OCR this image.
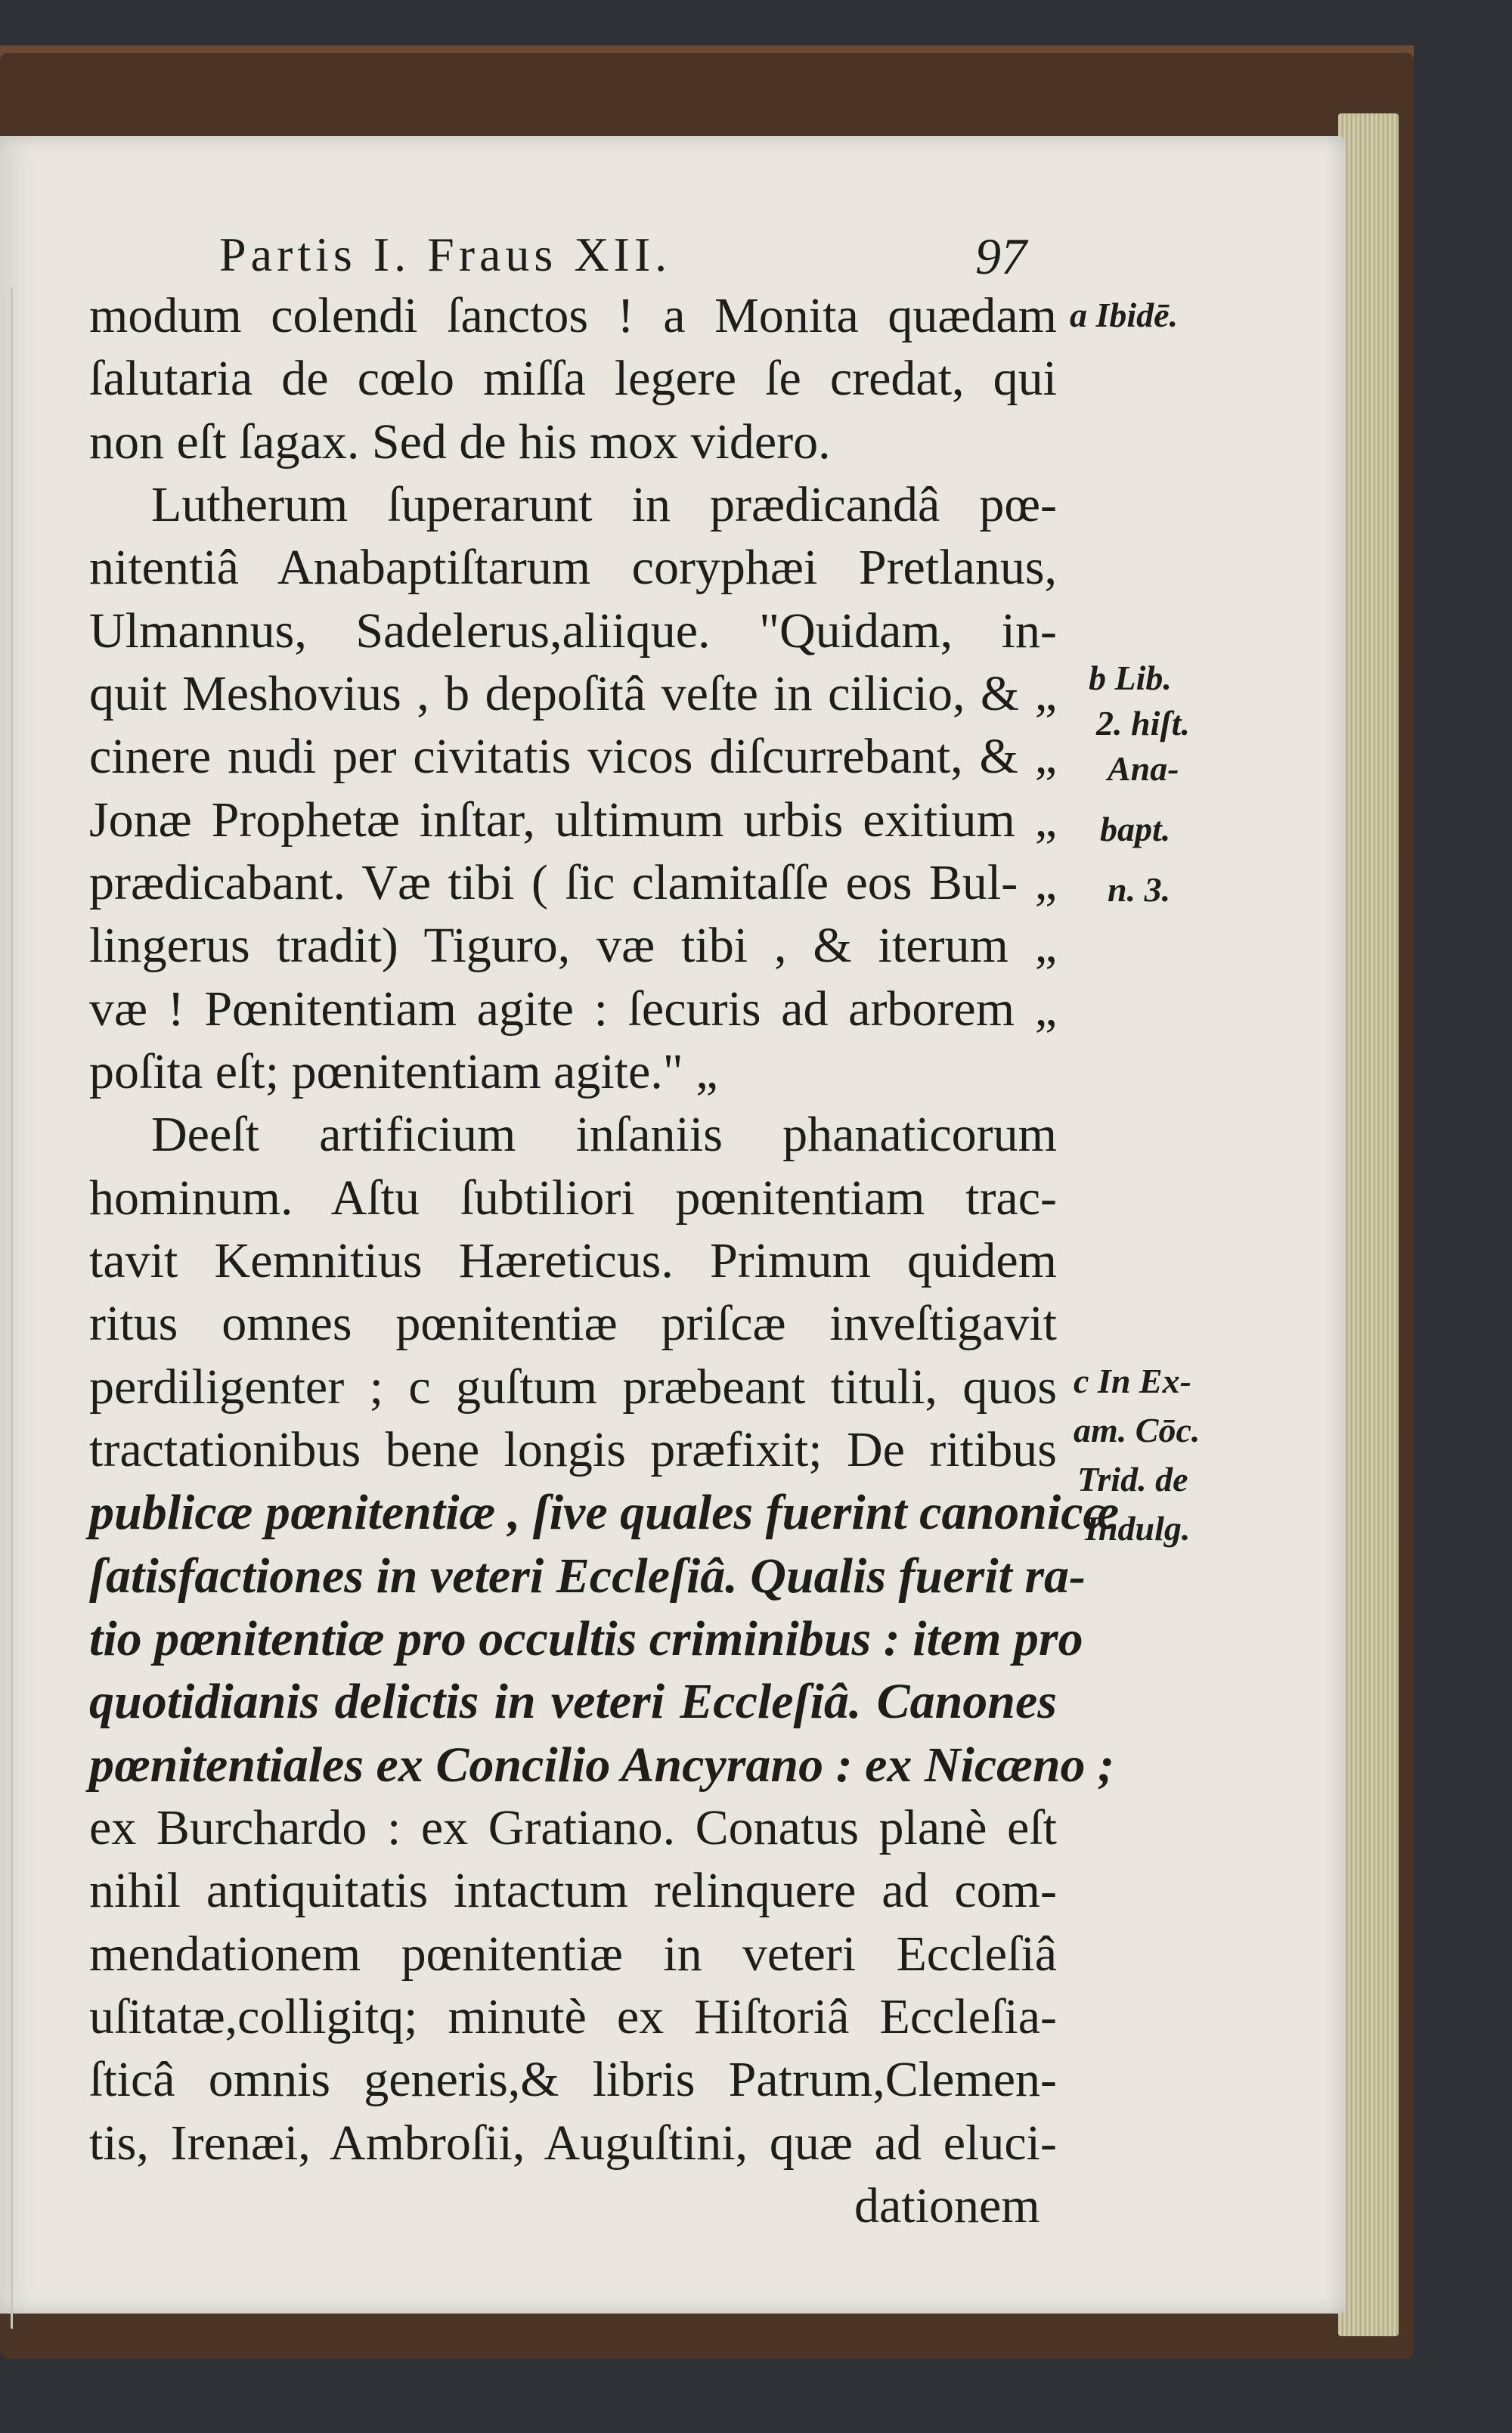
Partis I. Fraus XII.	97
modum colendi ſanctos ! a Monita quædam
ſalutaria de cœlo miſſa legere ſe credat, qui
non eſt ſagax. Sed de his mox videro.
Lutherum ſuperarunt in prædicandâ pœ-
nitentiâ Anabaptiſtarum coryphæi Pretlanus,
Ulmannus, Sadelerus,aliique. "Quidam, in-
quit Meshovius , b depoſitâ veſte in cilicio, & „
cinere nudi per civitatis vicos diſcurrebant, & „
Jonæ Prophetæ inſtar, ultimum urbis exitium „
prædicabant. Væ tibi ( ſic clamitaſſe eos Bul- „
lingerus tradit) Tiguro, væ tibi , & iterum „
væ ! Pœnitentiam agite : ſecuris ad arborem „
poſita eſt; pœnitentiam agite." „
Deeſt artificium inſaniis phanaticorum
hominum. Aſtu ſubtiliori pœnitentiam trac-
tavit Kemnitius Hæreticus. Primum quidem
ritus omnes pœnitentiæ priſcæ inveſtigavit
perdiligenter ; c guſtum præbeant tituli, quos
tractationibus bene longis præfixit; De ritibus
publicæ pœnitentiæ , ſive quales fuerint canonicæ
ſatisfactiones in veteri Eccleſiâ. Qualis fuerit ra-
tio pœnitentiæ pro occultis criminibus : item pro
quotidianis delictis in veteri Eccleſiâ. Canones
pœnitentiales ex Concilio Ancyrano : ex Nicæno ;
ex Burchardo : ex Gratiano. Conatus planè eſt
nihil antiquitatis intactum relinquere ad com-
mendationem pœnitentiæ in veteri Eccleſiâ
uſitatæ,colligitq; minutè ex Hiſtoriâ Eccleſia-
ſticâ omnis generis,& libris Patrum,Clemen-
tis, Irenæi, Ambroſii, Auguſtini, quæ ad eluci-
dationem
a Ibidē.
b Lib.
2. hiſt.
Ana-
bapt.
n. 3.
c In Ex-
am. Cōc.
Trid. de
Indulg.
